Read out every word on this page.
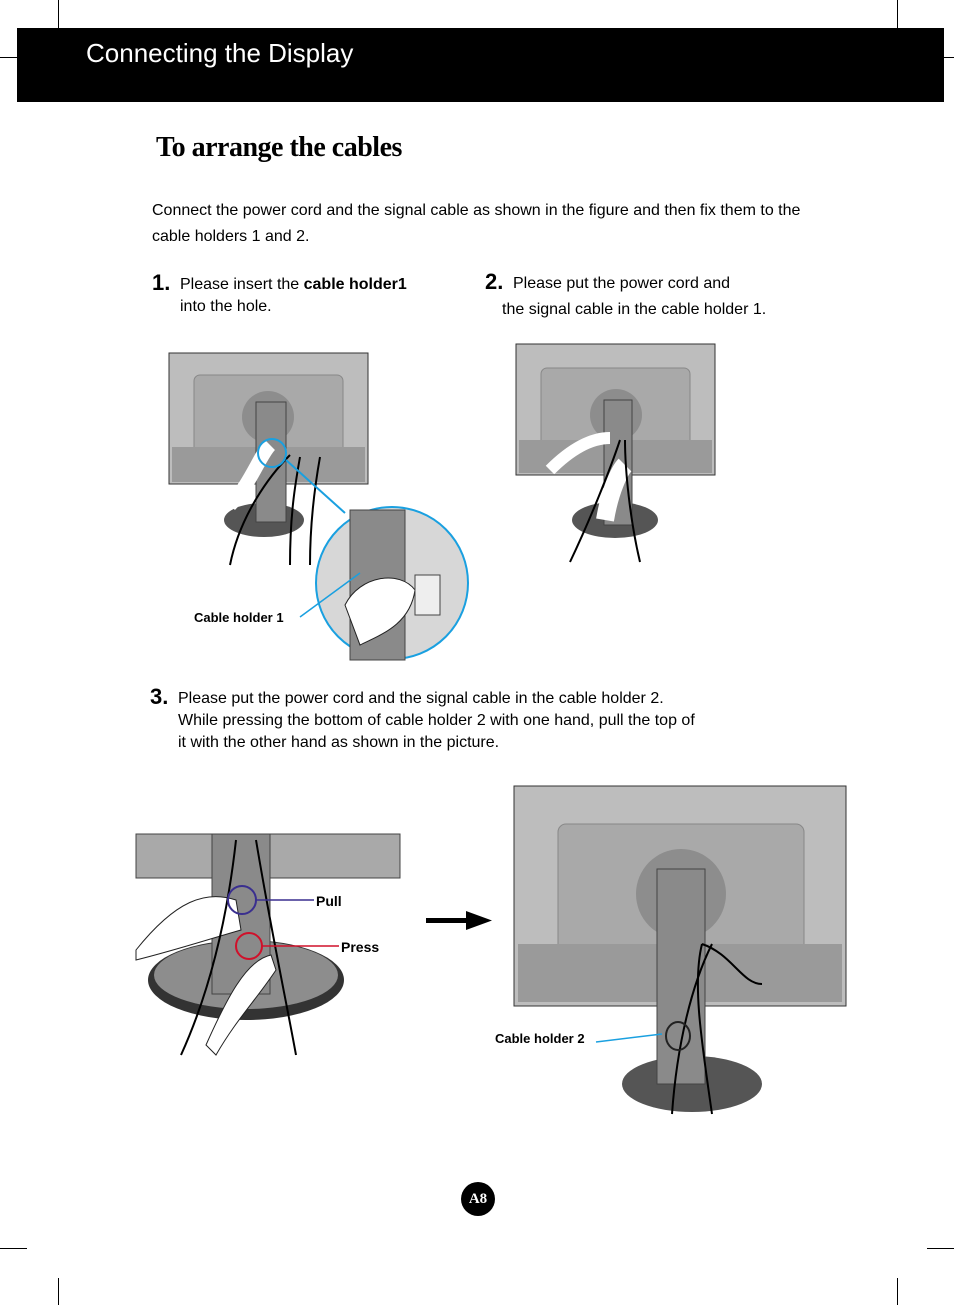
Connecting the Display
To arrange the cables
Connect the power cord and the signal cable as shown in the figure and then fix them to the cable holders 1 and 2.
1. Please insert the cable holder1
into the hole.
2. Please put the power cord and
the signal cable in the cable holder 1.
Cable holder 1
3. Please put the power cord and the signal cable in the cable holder 2.
While pressing the bottom of cable holder 2 with one hand, pull the top of
it with the other hand as shown in the picture.
Pull
Press
Cable holder 2
A8
